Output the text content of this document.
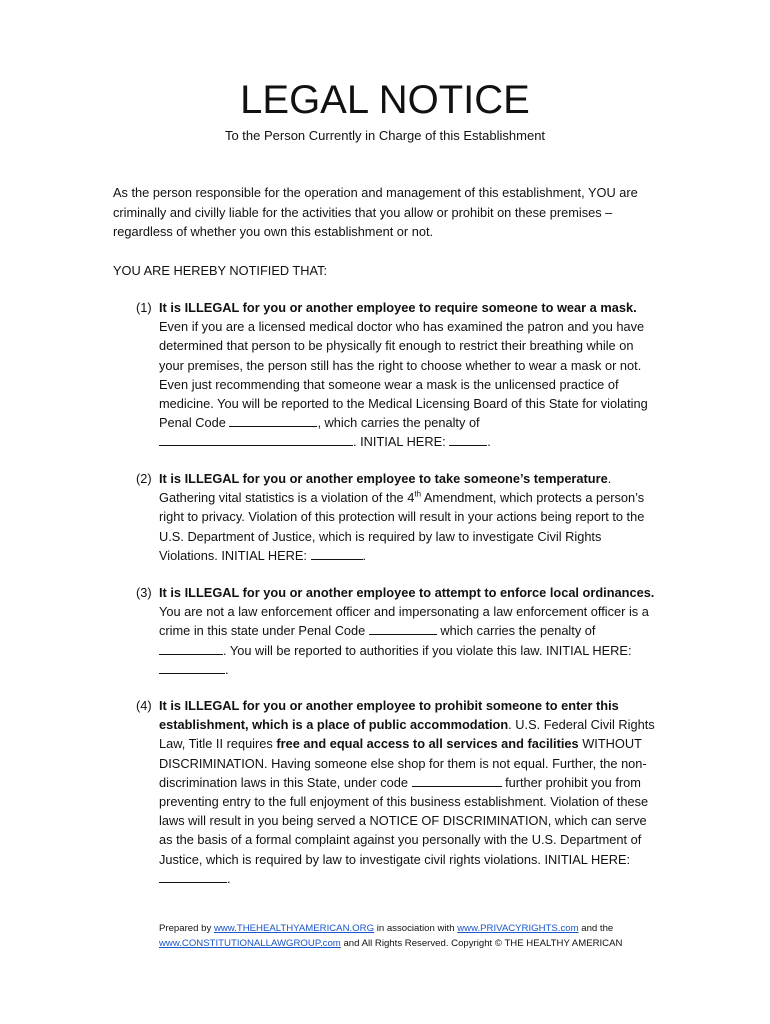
LEGAL NOTICE
To the Person Currently in Charge of this Establishment
As the person responsible for the operation and management of this establishment, YOU are criminally and civilly liable for the activities that you allow or prohibit on these premises – regardless of whether you own this establishment or not.
YOU ARE HEREBY NOTIFIED THAT:
(1) It is ILLEGAL for you or another employee to require someone to wear a mask. Even if you are a licensed medical doctor who has examined the patron and you have determined that person to be physically fit enough to restrict their breathing while on your premises, the person still has the right to choose whether to wear a mask or not. Even just recommending that someone wear a mask is the unlicensed practice of medicine. You will be reported to the Medical Licensing Board of this State for violating Penal Code	, which carries the penalty of . INITIAL HERE:	.
(2) It is ILLEGAL for you or another employee to take someone’s temperature. Gathering vital statistics is a violation of the 4th Amendment, which protects a person’s right to privacy. Violation of this protection will result in your actions being report to the U.S. Department of Justice, which is required by law to investigate Civil Rights Violations. INITIAL HERE:	.
(3) It is ILLEGAL for you or another employee to attempt to enforce local ordinances. You are not a law enforcement officer and impersonating a law enforcement officer is a crime in this state under Penal Code	which carries the penalty of . You will be reported to authorities if you violate this law. INITIAL HERE: .
(4) It is ILLEGAL for you or another employee to prohibit someone to enter this establishment, which is a place of public accommodation. U.S. Federal Civil Rights Law, Title II requires free and equal access to all services and facilities WITHOUT DISCRIMINATION. Having someone else shop for them is not equal. Further, the non-discrimination laws in this State, under code	further prohibit you from preventing entry to the full enjoyment of this business establishment. Violation of these laws will result in you being served a NOTICE OF DISCRIMINATION, which can serve as the basis of a formal complaint against you personally with the U.S. Department of Justice, which is required by law to investigate civil rights violations. INITIAL HERE: .
Prepared by www.THEHEALTHYAMERICAN.ORG in association with www.PRIVACYRIGHTS.com and the www.CONSTITUTIONALLAWGROUP.com and All Rights Reserved. Copyright © THE HEALTHY AMERICAN
